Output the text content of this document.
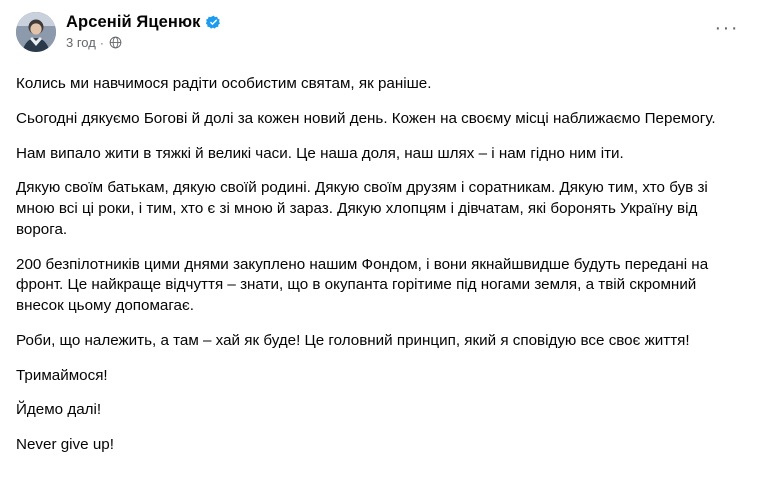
Арсеній Яценюк
3 год ·
···

Колись ми навчимося радіти особистим святам, як раніше.

Сьогодні дякуємо Богові й долі за кожен новий день. Кожен на своєму місці наближаємо Перемогу.

Нам випало жити в тяжкі й великі часи. Це наша доля, наш шлях – і нам гідно ним іти.

Дякую своїм батькам, дякую своїй родині. Дякую своїм друзям і соратникам. Дякую тим, хто був зі мною всі ці роки, і тим, хто є зі мною й зараз. Дякую хлопцям і дівчатам, які боронять Україну від ворога.

200 безпілотників цими днями закуплено нашим Фондом, і вони якнайшвидше будуть передані на фронт. Це найкраще відчуття – знати, що в окупанта горітиме під ногами земля, а твій скромний внесок цьому допомагає.

Роби, що належить, а там – хай як буде! Це головний принцип, який я сповідую все своє життя!

Тримаймося!

Йдемо далі!

Never give up!
